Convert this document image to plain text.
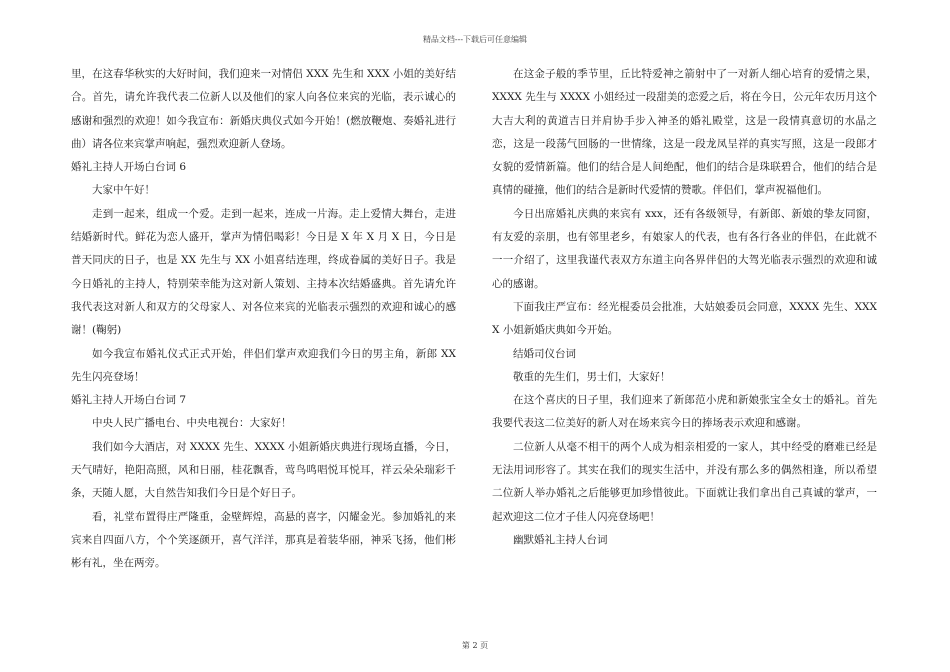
精品文档---下载后可任意编辑

里，在这春华秋实的大好时间，我们迎来一对情侣 XXX 先生和 XXX 小姐的美好结合。首先，请允许我代表二位新人以及他们的家人向各位来宾的光临，表示诚心的感谢和强烈的欢迎！如今我宣布：新婚庆典仪式如今开始！(燃放鞭炮、奏婚礼进行曲）请各位来宾掌声响起，强烈欢迎新人登场。

婚礼主持人开场白台词 6

大家中午好！

走到一起来，组成一个爱。走到一起来，连成一片海。走上爱情大舞台，走进结婚新时代。鲜花为恋人盛开，掌声为情侣喝彩！今日是 X 年 X 月 X 日，今日是普天同庆的日子，也是 XX 先生与 XX 小姐喜结连理，终成眷属的美好日子。我是今日婚礼的主持人，特别荣幸能为这对新人策划、主持本次结婚盛典。首先请允许我代表这对新人和双方的父母家人、对各位来宾的光临表示强烈的欢迎和诚心的感谢！(鞠躬)

如今我宣布婚礼仪式正式开始，伴侣们掌声欢迎我们今日的男主角，新郎 XX 先生闪亮登场！

婚礼主持人开场白台词 7

中央人民广播电台、中央电视台：大家好！

我们如今大酒店，对 XXXX 先生、XXXX 小姐新婚庆典进行现场直播，今日，天气晴好，艳阳高照，风和日丽，桂花飘香，莺鸟鸣唱悦耳悦耳，祥云朵朵瑞彩千条，天随人愿，大自然告知我们今日是个好日子。

看，礼堂布置得庄严隆重，金壁辉煌，高悬的喜字，闪耀金光。参加婚礼的来宾来自四面八方，个个笑逐颜开，喜气洋洋，那真是着装华丽，神采飞扬，他们彬彬有礼，坐在两旁。

在这金子般的季节里，丘比特爱神之箭射中了一对新人细心培育的爱情之果，XXXX 先生与 XXXX 小姐经过一段甜美的恋爱之后，将在今日，公元年农历月这个大吉大利的黄道吉日并肩协手步入神圣的婚礼殿堂，这是一段情真意切的水晶之恋，这是一段荡气回肠的一世情缘，这是一段龙凤呈祥的真实写照，这是一段郎才女貌的爱情新篇。他们的结合是人间绝配，他们的结合是珠联碧合，他们的结合是真情的碰撞，他们的结合是新时代爱情的赞歌。伴侣们，掌声祝福他们。

今日出席婚礼庆典的来宾有 xxx，还有各级领导，有新郎、新娘的挚友同窗，有友爱的亲朋，也有邻里老乡，有娘家人的代表，也有各行各业的伴侣，在此就不一一介绍了，这里我谨代表双方东道主向各界伴侣的大驾光临表示强烈的欢迎和诚心的感谢。

下面我庄严宣布：经光棍委员会批准，大姑娘委员会同意，XXXX 先生、XXXX 小姐新婚庆典如今开始。

结婚司仪台词

敬重的先生们，男士们，大家好！

在这个喜庆的日子里，我们迎来了新郎范小虎和新娘张宝全女士的婚礼。首先我要代表这二位美好的新人对在场来宾今日的捧场表示欢迎和感谢。

二位新人从毫不相干的两个人成为相亲相爱的一家人，其中经受的磨难已经是无法用词形容了。其实在我们的现实生活中，并没有那么多的偶然相逢，所以希望二位新人举办婚礼之后能够更加珍惜彼此。下面就让我们拿出自己真诚的掌声，一起欢迎这二位才子佳人闪亮登场吧！

幽默婚礼主持人台词

第 2 页
